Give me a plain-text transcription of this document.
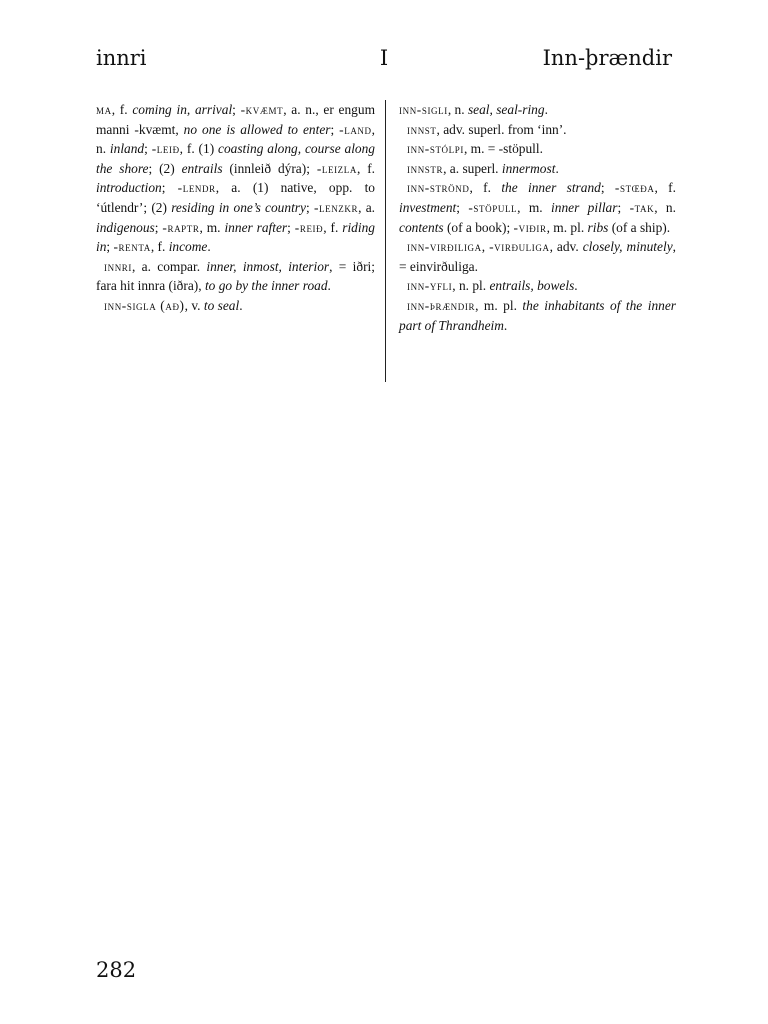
innri	I	Inn-þrændir

ma, f. coming in, arrival; -kvæmt, a. n., er engum manni -kvæmt, no one is allowed to enter; -land, n. inland; -leið, f. (1) coasting along, course along the shore; (2) entrails (innleið dýra); -leizla, f. introduction; -lendr, a. (1) native, opp. to ‘útlendr’; (2) residing in one’s country; -lenzkr, a. indigenous; -raptr, m. inner rafter; -reið, f. riding in; -renta, f. income.

innri, a. compar. inner, inmost, interior, = iðri; fara hit innra (iðra), to go by the inner road.

inn-sigla (að), v. to seal.

inn-sigli, n. seal, seal-ring.

innst, adv. superl. from ‘inn’.

inn-stólpi, m. = -stöpull.

innstr, a. superl. innermost.

inn-strönd, f. the inner strand; -stœða, f. investment; -stöpull, m. inner pillar; -tak, n. contents (of a book); -viðir, m. pl. ribs (of a ship).

inn-virðiliga, -virðuliga, adv. closely, minutely, = einvirðuliga.

inn-yfli, n. pl. entrails, bowels.

inn-þrændir, m. pl. the inhabitants of the inner part of Thrandheim.

282
